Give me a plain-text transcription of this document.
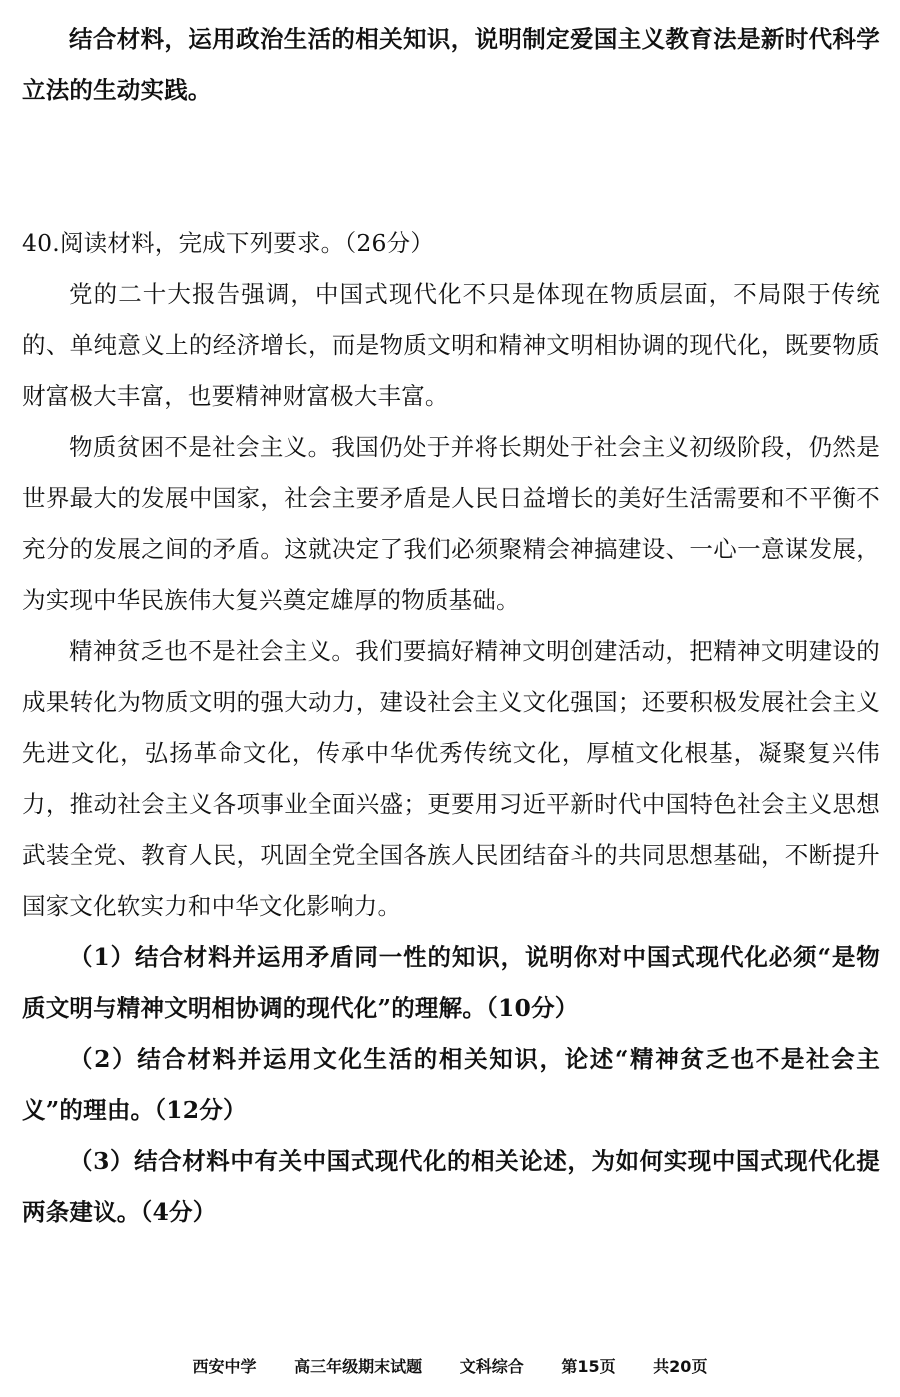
结合材料，运用政治生活的相关知识，说明制定爱国主义教育法是新时代科学立法的生动实践。

40.阅读材料，完成下列要求。（26分）

党的二十大报告强调，中国式现代化不只是体现在物质层面，不局限于传统的、单纯意义上的经济增长，而是物质文明和精神文明相协调的现代化，既要物质财富极大丰富，也要精神财富极大丰富。

物质贫困不是社会主义。我国仍处于并将长期处于社会主义初级阶段，仍然是世界最大的发展中国家，社会主要矛盾是人民日益增长的美好生活需要和不平衡不充分的发展之间的矛盾。这就决定了我们必须聚精会神搞建设、一心一意谋发展，为实现中华民族伟大复兴奠定雄厚的物质基础。

精神贫乏也不是社会主义。我们要搞好精神文明创建活动，把精神文明建设的成果转化为物质文明的强大动力，建设社会主义文化强国；还要积极发展社会主义先进文化，弘扬革命文化，传承中华优秀传统文化，厚植文化根基，凝聚复兴伟力，推动社会主义各项事业全面兴盛；更要用习近平新时代中国特色社会主义思想武装全党、教育人民，巩固全党全国各族人民团结奋斗的共同思想基础，不断提升国家文化软实力和中华文化影响力。

（1）结合材料并运用矛盾同一性的知识，说明你对中国式现代化必须“是物质文明与精神文明相协调的现代化”的理解。（10分）

（2）结合材料并运用文化生活的相关知识，论述“精神贫乏也不是社会主义”的理由。（12分）

（3）结合材料中有关中国式现代化的相关论述，为如何实现中国式现代化提两条建议。（4分）

西安中学 高三年级期末试题 文科综合 第15页 共20页
